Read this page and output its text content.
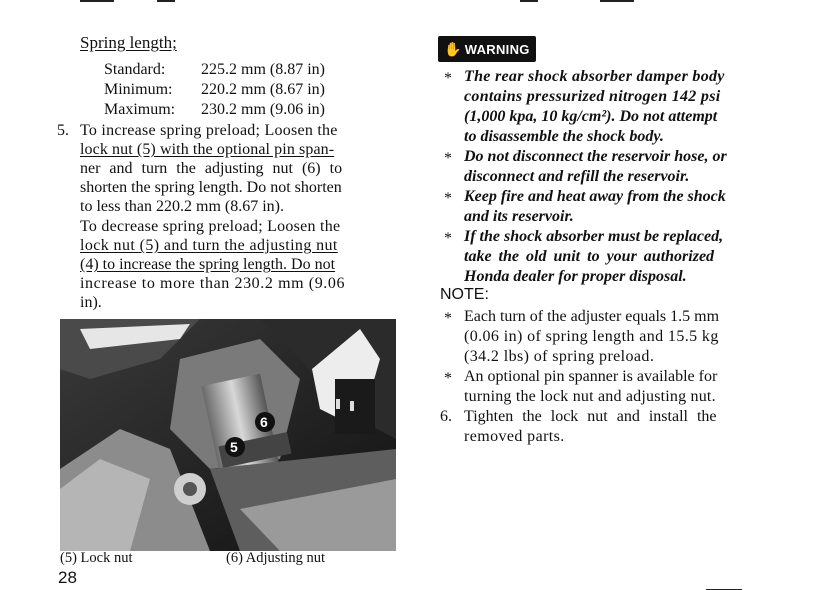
Spring length;
Standard: 225.2 mm (8.87 in)
Minimum: 220.2 mm (8.67 in)
Maximum: 230.2 mm (9.06 in)
5. To increase spring preload; Loosen the
lock nut (5) with the optional pin span-
ner and turn the adjusting nut (6) to
shorten the spring length. Do not shorten
to less than 220.2 mm (8.67 in).
To decrease spring preload; Loosen the
lock nut (5) and turn the adjusting nut
(4) to increase the spring length. Do not
increase to more than 230.2 mm (9.06
in).
5
6
(5) Lock nut	(6) Adjusting nut
28
✋ WARNING
* The rear shock absorber damper body
contains pressurized nitrogen 142 psi
(1,000 kpa, 10 kg/cm²). Do not attempt
to disassemble the shock body.
* Do not disconnect the reservoir hose, or
disconnect and refill the reservoir.
* Keep fire and heat away from the shock
and its reservoir.
* If the shock absorber must be replaced,
take the old unit to your authorized
Honda dealer for proper disposal.
NOTE:
* Each turn of the adjuster equals 1.5 mm
(0.06 in) of spring length and 15.5 kg
(34.2 lbs) of spring preload.
* An optional pin spanner is available for
turning the lock nut and adjusting nut.
6. Tighten the lock nut and install the
removed parts.
